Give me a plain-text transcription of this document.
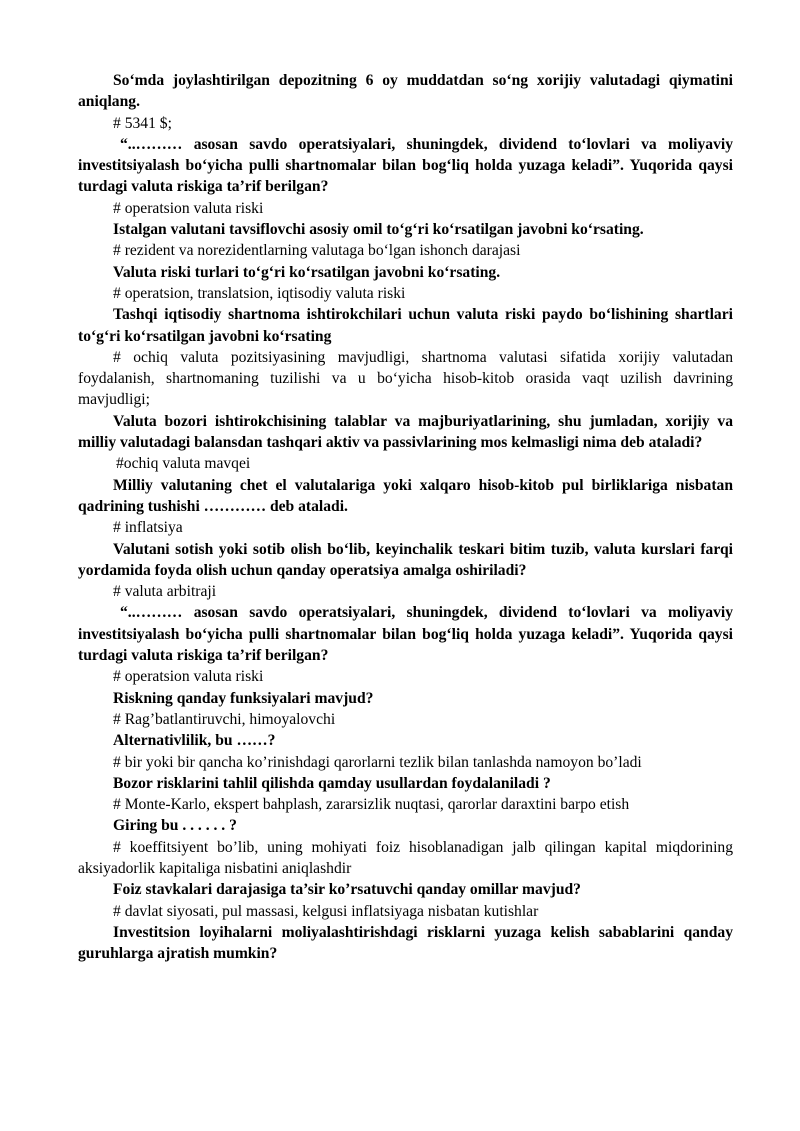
So‘mda joylashtirilgan depozitning 6 oy muddatdan so‘ng xorijiy valutadagi qiymatini aniqlang.

# 5341 $;

“..……… asosan savdo operatsiyalari, shuningdek, dividend to‘lovlari va moliyaviy investitsiyalash bo‘yicha pulli shartnomalar bilan bog‘liq holda yuzaga keladi”. Yuqorida qaysi turdagi valuta riskiga ta’rif berilgan?

# operatsion valuta riski

Istalgan valutani tavsiflovchi asosiy omil to‘g‘ri ko‘rsatilgan javobni ko‘rsating.

# rezident va norezidentlarning valutaga bo‘lgan ishonch darajasi

Valuta riski turlari to‘g‘ri ko‘rsatilgan javobni ko‘rsating.

# operatsion, translatsion, iqtisodiy valuta riski

Tashqi iqtisodiy shartnoma ishtirokchilari uchun valuta riski paydo bo‘lishining shartlari to‘g‘ri ko‘rsatilgan javobni ko‘rsating

# ochiq valuta pozitsiyasining mavjudligi, shartnoma valutasi sifatida xorijiy valutadan foydalanish, shartnomaning tuzilishi va u bo‘yicha hisob-kitob orasida vaqt uzilish davrining mavjudligi;

Valuta bozori ishtirokchisining talablar va majburiyatlarining, shu jumladan, xorijiy va milliy valutadagi balansdan tashqari aktiv va passivlarining mos kelmasligi nima deb ataladi?

#ochiq valuta mavqei

Milliy valutaning chet el valutalariga yoki xalqaro hisob-kitob pul birliklariga nisbatan qadrining tushishi ………… deb ataladi.

# inflatsiya

Valutani sotish yoki sotib olish bo‘lib, keyinchalik teskari bitim tuzib, valuta kurslari farqi yordamida foyda olish uchun qanday operatsiya amalga oshiriladi?

# valuta arbitraji

“..……… asosan savdo operatsiyalari, shuningdek, dividend to‘lovlari va moliyaviy investitsiyalash bo‘yicha pulli shartnomalar bilan bog‘liq holda yuzaga keladi”. Yuqorida qaysi turdagi valuta riskiga ta’rif berilgan?

# operatsion valuta riski

Riskning qanday funksiyalari mavjud?

# Rag’batlantiruvchi, himoyalovchi

Alternativlilik, bu ……?

# bir yoki bir qancha ko’rinishdagi qarorlarni tezlik bilan tanlashda namoyon bo’ladi

Bozor risklarini tahlil qilishda qamday usullardan foydalaniladi ?

# Monte-Karlo, ekspert bahplash, zararsizlik nuqtasi, qarorlar daraxtini barpo etish

Giring bu . . . . . . ?

# koeffitsiyent bo’lib, uning mohiyati foiz hisoblanadigan jalb qilingan kapital miqdorining aksiyadorlik kapitaliga nisbatini aniqlashdir

Foiz stavkalari darajasiga ta’sir ko’rsatuvchi qanday omillar mavjud?

# davlat siyosati, pul massasi, kelgusi inflatsiyaga nisbatan kutishlar

Investitsion loyihalarni moliyalashtirishdagi risklarni yuzaga kelish sabablarini qanday guruhlarga ajratish mumkin?
